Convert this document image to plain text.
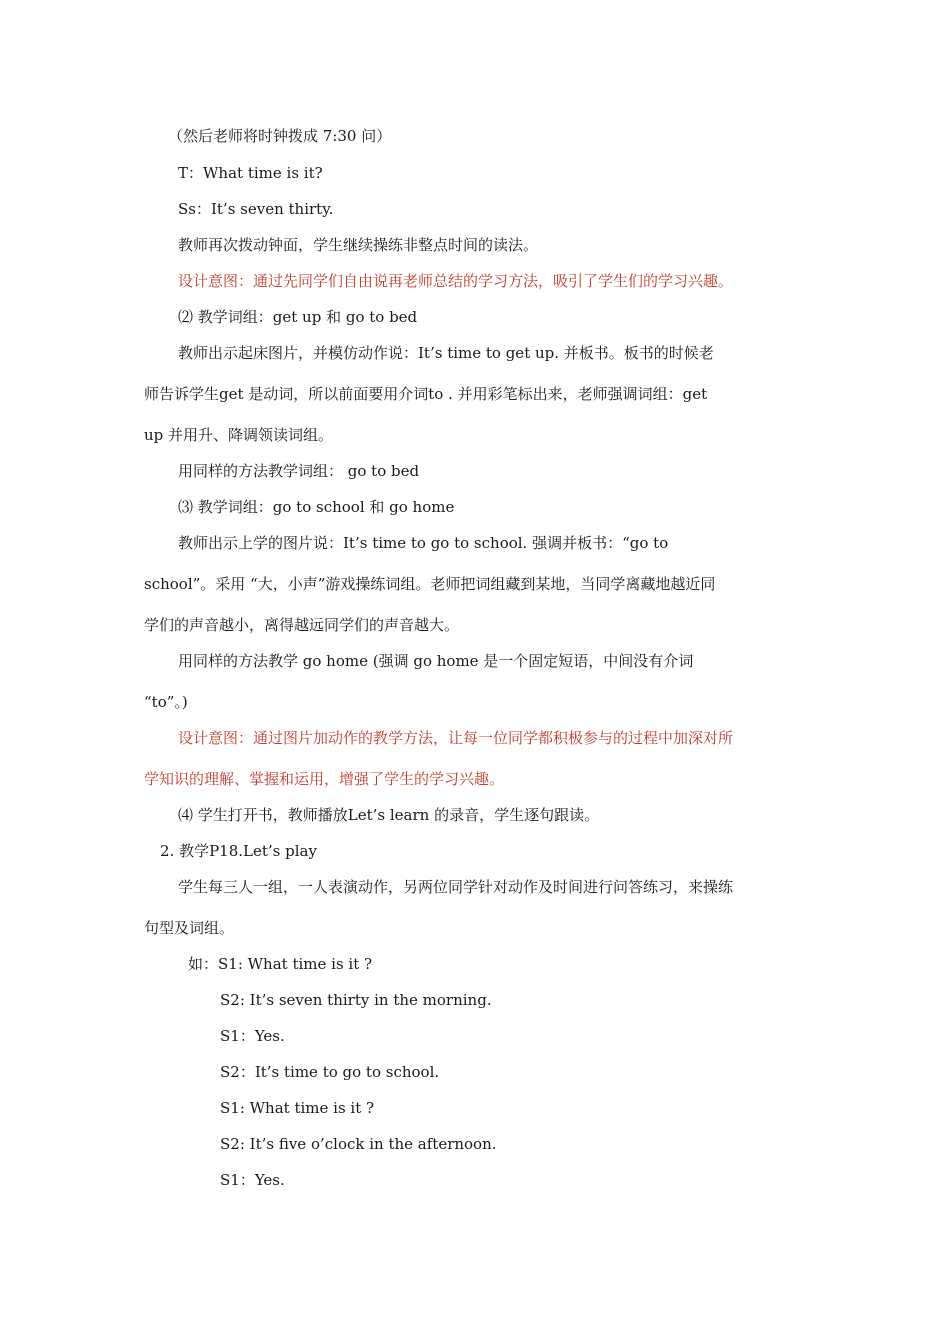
（然后老师将时钟拨成 7:30 问）
T：What time is it?
Ss：It’s seven thirty.
教师再次拨动钟面，学生继续操练非整点时间的读法。
设计意图：通过先同学们自由说再老师总结的学习方法，吸引了学生们的学习兴趣。
⑵ 教学词组：get up 和 go to bed
教师出示起床图片，并模仿动作说：It’s time to get up. 并板书。板书的时候老
师告诉学生get 是动词，所以前面要用介词to . 并用彩笔标出来，老师强调词组：get
up 并用升、降调领读词组。
用同样的方法教学词组： go to bed
⑶ 教学词组：go to school 和 go home
教师出示上学的图片说：It’s time to go to school. 强调并板书：“go to
school”。采用 “大，小声”游戏操练词组。老师把词组藏到某地，当同学离藏地越近同
学们的声音越小，离得越远同学们的声音越大。
用同样的方法教学 go home (强调 go home 是一个固定短语，中间没有介词
“to”。)
设计意图：通过图片加动作的教学方法，让每一位同学都积极参与的过程中加深对所
学知识的理解、掌握和运用，增强了学生的学习兴趣。
⑷ 学生打开书，教师播放Let’s learn 的录音，学生逐句跟读。
2. 教学P18.Let’s play
学生每三人一组，一人表演动作，另两位同学针对动作及时间进行问答练习，来操练
句型及词组。
如：S1: What time is it ?
S2: It’s seven thirty in the morning.
S1：Yes.
S2：It’s time to go to school.
S1: What time is it ?
S2: It’s five o’clock in the afternoon.
S1：Yes.
